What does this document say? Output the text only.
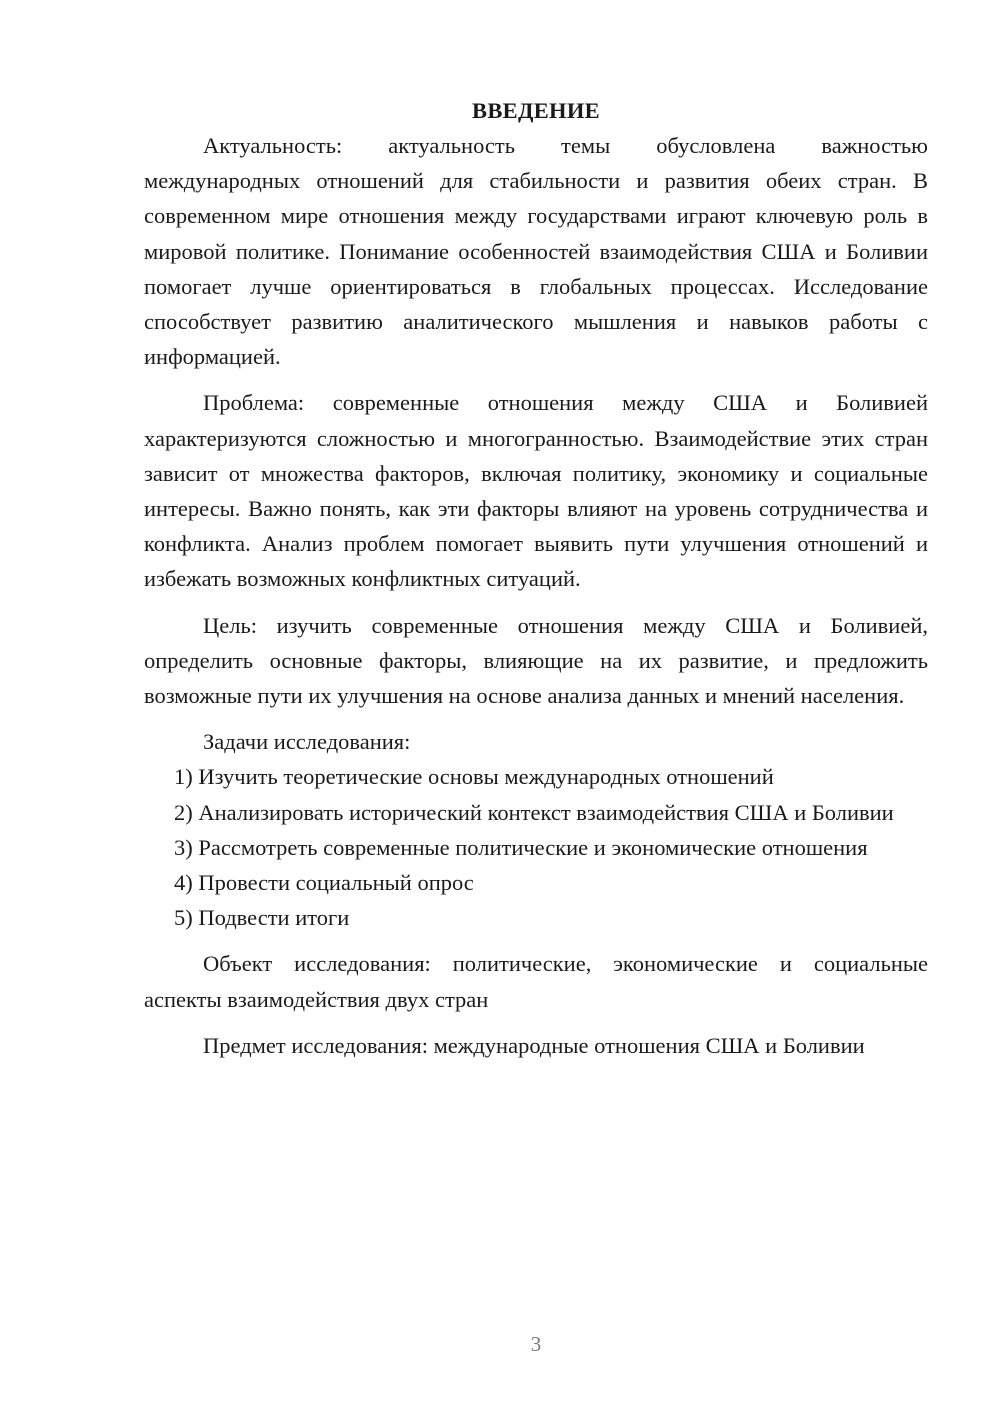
ВВЕДЕНИЕ

Актуальность: актуальность темы обусловлена важностью международных отношений для стабильности и развития обеих стран. В современном мире отношения между государствами играют ключевую роль в мировой политике. Понимание особенностей взаимодействия США и Боливии помогает лучше ориентироваться в глобальных процессах. Исследование способствует развитию аналитического мышления и навыков работы с информацией.

Проблема: современные отношения между США и Боливией характеризуются сложностью и многогранностью. Взаимодействие этих стран зависит от множества факторов, включая политику, экономику и социальные интересы. Важно понять, как эти факторы влияют на уровень сотрудничества и конфликта. Анализ проблем помогает выявить пути улучшения отношений и избежать возможных конфликтных ситуаций.

Цель: изучить современные отношения между США и Боливией, определить основные факторы, влияющие на их развитие, и предложить возможные пути их улучшения на основе анализа данных и мнений населения.

Задачи исследования:

1) Изучить теоретические основы международных отношений

2) Анализировать исторический контекст взаимодействия США и Боливии

3) Рассмотреть современные политические и экономические отношения

4) Провести социальный опрос

5) Подвести итоги

Объект исследования: политические, экономические и социальные аспекты взаимодействия двух стран

Предмет исследования: международные отношения США и Боливии

3
